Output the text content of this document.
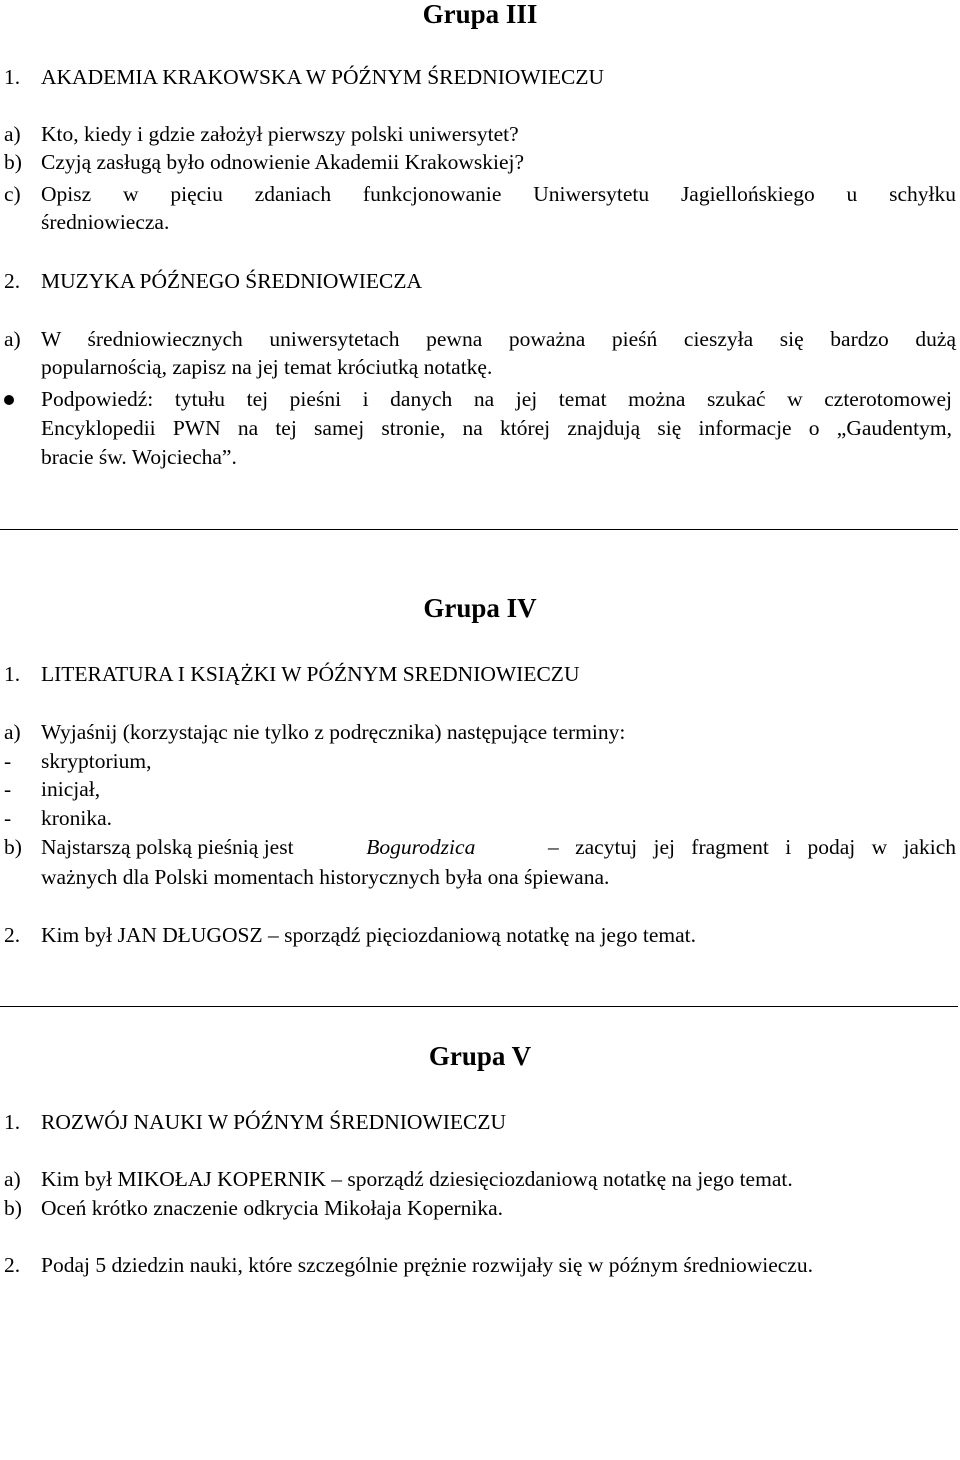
Grupa III
1. AKADEMIA KRAKOWSKA W PÓŹNYM ŚREDNIOWIECZU
a) Kto, kiedy i gdzie założył pierwszy polski uniwersytet?
b) Czyją zasługą było odnowienie Akademii Krakowskiej?
c) Opisz w pięciu zdaniach funkcjonowanie Uniwersytetu Jagiellońskiego u schyłku
średniowiecza.
2. MUZYKA PÓŹNEGO ŚREDNIOWIECZA
a) W średniowiecznych uniwersytetach pewna poważna pieśń cieszyła się bardzo dużą
popularnością, zapisz na jej temat króciutką notatkę.
Podpowiedź: tytułu tej pieśni i danych na jej temat można szukać w czterotomowej
Encyklopedii PWN na tej samej stronie, na której znajdują się informacje o „Gaudentym,
bracie św. Wojciecha”.
Grupa IV
1. LITERATURA I KSIĄŻKI W PÓŹNYM SREDNIOWIECZU
a) Wyjaśnij (korzystając nie tylko z podręcznika) następujące terminy:
- skryptorium,
- inicjał,
- kronika.
b) Najstarszą polską pieśnią jest	Bogurodzica	– zacytuj jej fragment i podaj w jakich
ważnych dla Polski momentach historycznych była ona śpiewana.
2. Kim był JAN DŁUGOSZ – sporządź pięciozdaniową notatkę na jego temat.
Grupa V
1. ROZWÓJ NAUKI W PÓŹNYM ŚREDNIOWIECZU
a) Kim był MIKOŁAJ KOPERNIK – sporządź dziesięciozdaniową notatkę na jego temat.
b) Oceń krótko znaczenie odkrycia Mikołaja Kopernika.
2. Podaj 5 dziedzin nauki, które szczególnie prężnie rozwijały się w późnym średniowieczu.
